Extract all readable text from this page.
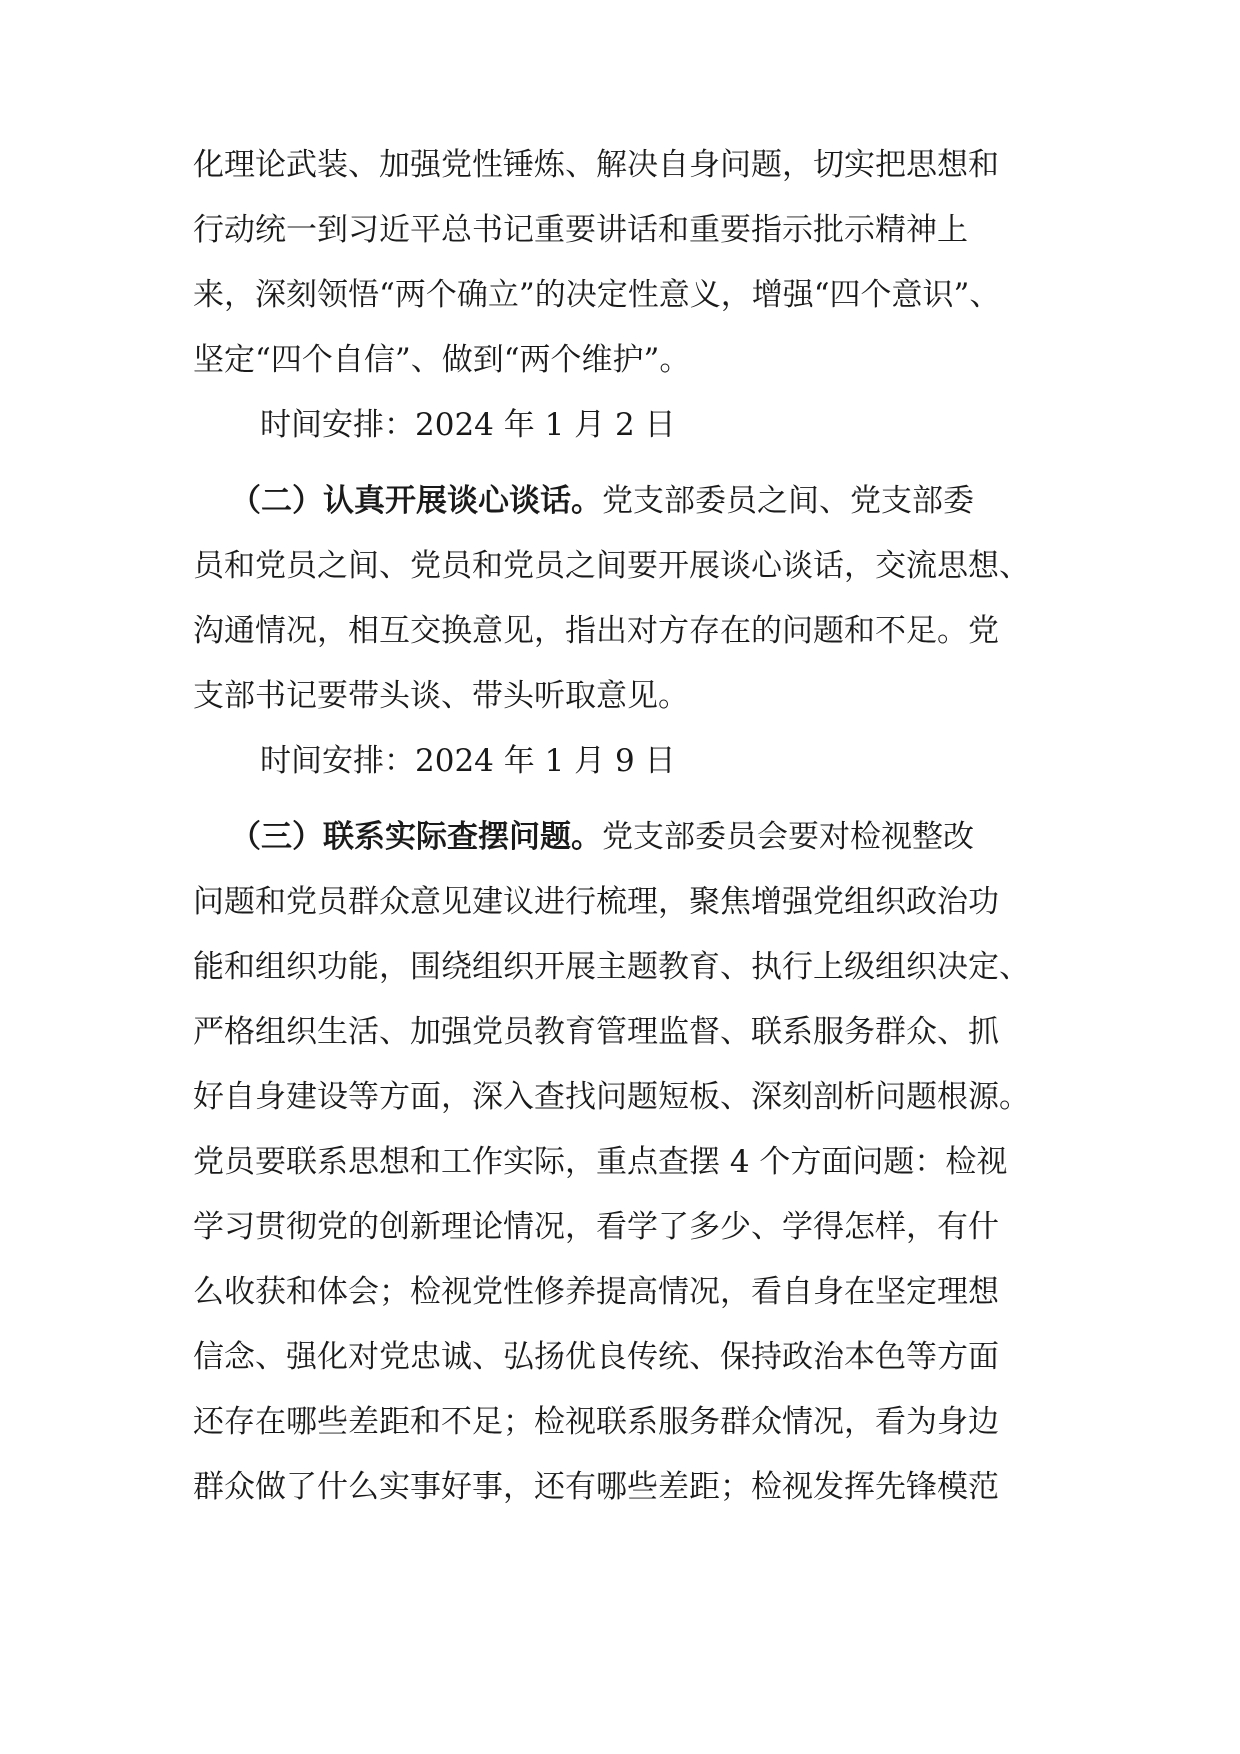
化理论武装、加强党性锤炼、解决自身问题，切实把思想和
行动统一到习近平总书记重要讲话和重要指示批示精神上
来，深刻领悟“两个确立”的决定性意义，增强“四个意识”、
坚定“四个自信”、做到“两个维护”。
时间安排：2024 年 1 月 2 日
（二）认真开展谈心谈话。党支部委员之间、党支部委
员和党员之间、党员和党员之间要开展谈心谈话，交流思想、
沟通情况，相互交换意见，指出对方存在的问题和不足。党
支部书记要带头谈、带头听取意见。
时间安排：2024 年 1 月 9 日
（三）联系实际查摆问题。党支部委员会要对检视整改
问题和党员群众意见建议进行梳理，聚焦增强党组织政治功
能和组织功能，围绕组织开展主题教育、执行上级组织决定、
严格组织生活、加强党员教育管理监督、联系服务群众、抓
好自身建设等方面，深入查找问题短板、深刻剖析问题根源。
党员要联系思想和工作实际，重点查摆 4 个方面问题：检视
学习贯彻党的创新理论情况，看学了多少、学得怎样，有什
么收获和体会；检视党性修养提高情况，看自身在坚定理想
信念、强化对党忠诚、弘扬优良传统、保持政治本色等方面
还存在哪些差距和不足；检视联系服务群众情况，看为身边
群众做了什么实事好事，还有哪些差距；检视发挥先锋模范
